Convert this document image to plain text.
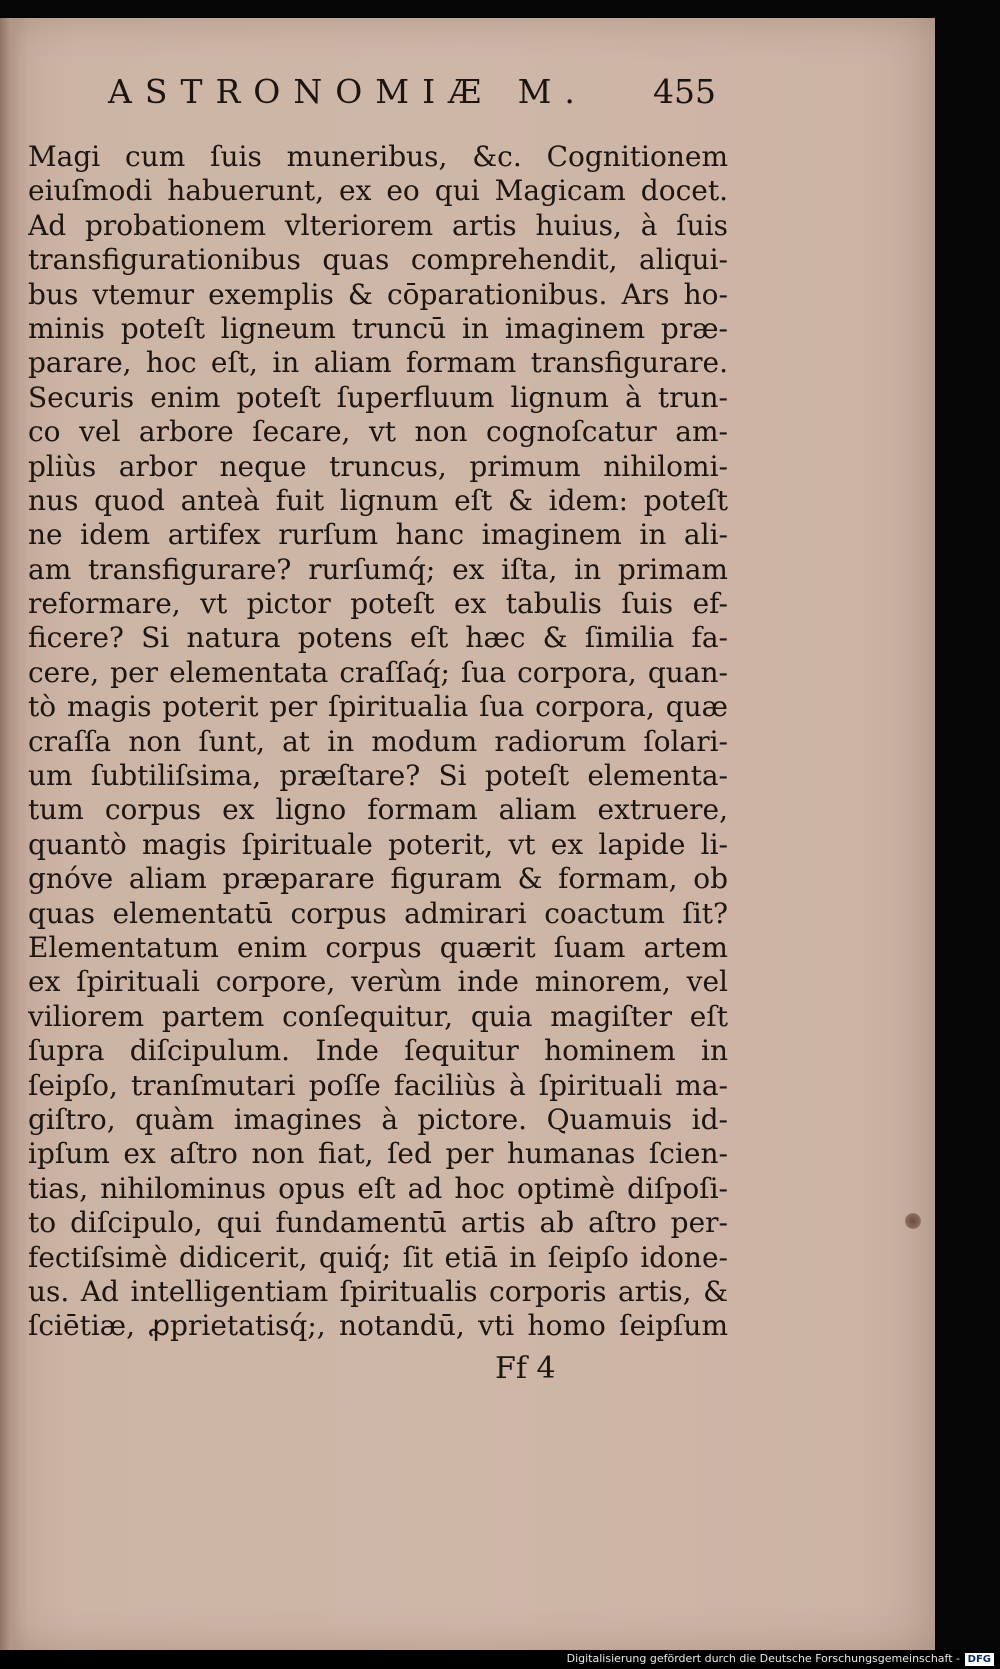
ASTRONOMIÆ M. 455
Magi cum ſuis muneribus, &c. Cognitionem
eiuſmodi habuerunt, ex eo qui Magicam docet.
Ad probationem vlteriorem artis huius, à ſuis
transfigurationibus quas comprehendit, aliqui-
bus vtemur exemplis & cōparationibus. Ars ho-
minis poteſt ligneum truncū in imaginem præ-
parare, hoc eſt, in aliam formam transfigurare.
Securis enim poteſt ſuperfluum lignum à trun-
co vel arbore ſecare, vt non cognoſcatur am-
pliùs arbor neque truncus, primum nihilomi-
nus quod anteà fuit lignum eſt & idem: poteſt
ne idem artifex rurſum hanc imaginem in ali-
am transfigurare? rurſumq́; ex iſta, in primam
reformare, vt pictor poteſt ex tabulis ſuis ef-
ficere? Si natura potens eſt hæc & ſimilia fa-
cere, per elementata craſſaq́; ſua corpora, quan-
tò magis poterit per ſpiritualia ſua corpora, quæ
craſſa non ſunt, at in modum radiorum ſolari-
um ſubtiliſsima, præſtare? Si poteſt elementa-
tum corpus ex ligno formam aliam extruere,
quantò magis ſpirituale poterit, vt ex lapide li-
gnóve aliam præparare figuram & formam, ob
quas elementatū corpus admirari coactum ſit?
Elementatum enim corpus quærit ſuam artem
ex ſpirituali corpore, verùm inde minorem, vel
viliorem partem conſequitur, quia magiſter eſt
ſupra diſcipulum. Inde ſequitur hominem in
ſeipſo, tranſmutari poſſe faciliùs à ſpirituali ma-
giſtro, quàm imagines à pictore. Quamuis id-
ipſum ex aſtro non fiat, ſed per humanas ſcien-
tias, nihilominus opus eſt ad hoc optimè diſpoſi-
to diſcipulo, qui fundamentū artis ab aſtro per-
fectiſsimè didicerit, quiq́; ſit etiā in ſeipſo idone-
us. Ad intelligentiam ſpiritualis corporis artis, &
ſciētiæ, ꝓprietatisq́;, notandū, vti homo ſeipſum
Ff 4
Digitalisierung gefördert durch die Deutsche Forschungsgemeinschaft - DFG
